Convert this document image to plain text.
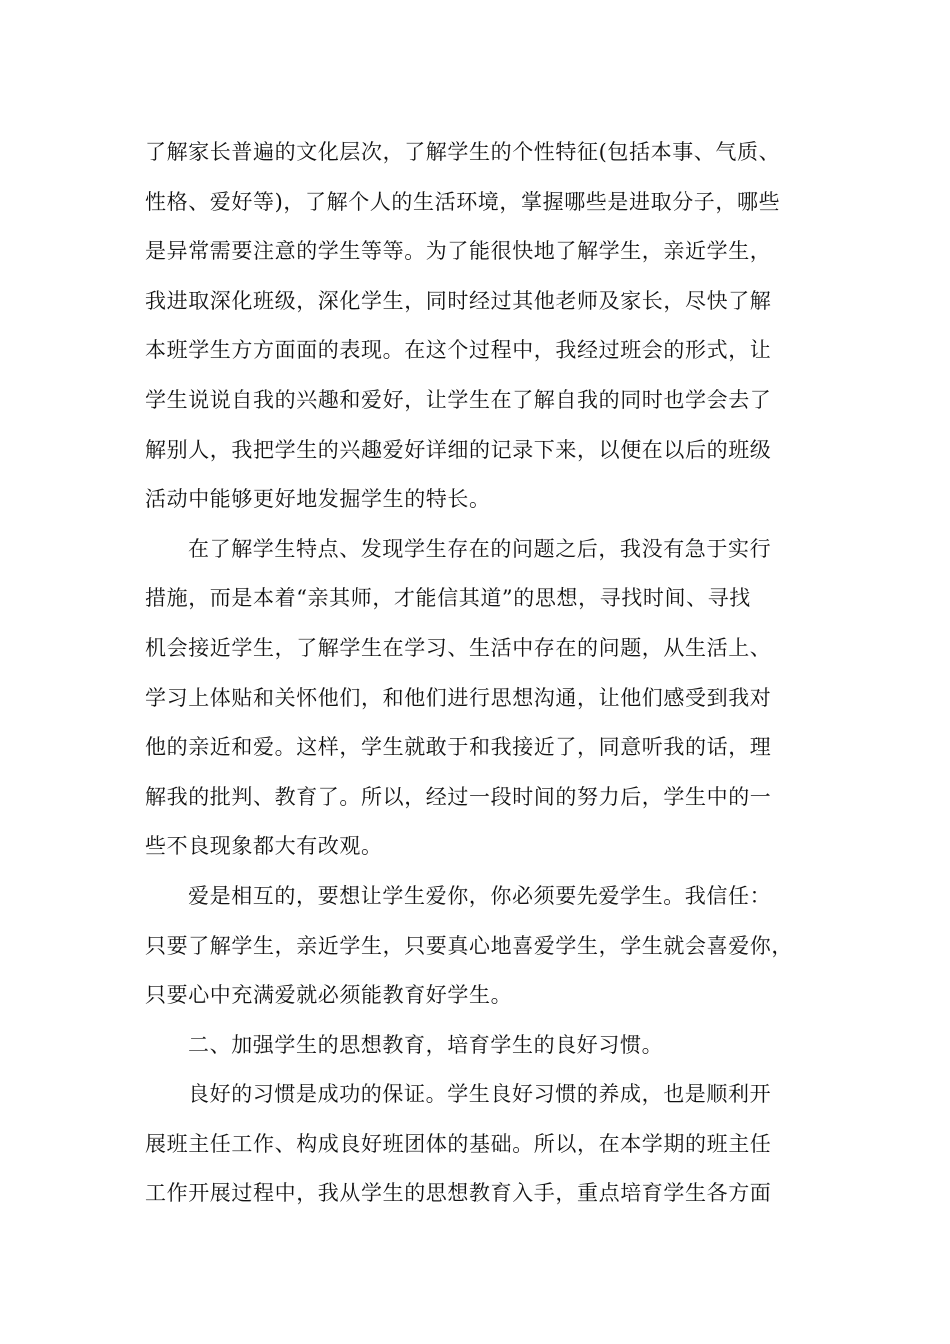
了解家长普遍的文化层次，了解学生的个性特征(包括本事、气质、
性格、爱好等)，了解个人的生活环境，掌握哪些是进取分子，哪些
是异常需要注意的学生等等。为了能很快地了解学生，亲近学生，
我进取深化班级，深化学生，同时经过其他老师及家长，尽快了解
本班学生方方面面的表现。在这个过程中，我经过班会的形式，让
学生说说自我的兴趣和爱好，让学生在了解自我的同时也学会去了
解别人，我把学生的兴趣爱好详细的记录下来，以便在以后的班级
活动中能够更好地发掘学生的特长。
在了解学生特点、发现学生存在的问题之后，我没有急于实行
措施，而是本着“亲其师，才能信其道”的思想，寻找时间、寻找
机会接近学生，了解学生在学习、生活中存在的问题，从生活上、
学习上体贴和关怀他们，和他们进行思想沟通，让他们感受到我对
他的亲近和爱。这样，学生就敢于和我接近了，同意听我的话，理
解我的批判、教育了。所以，经过一段时间的努力后，学生中的一
些不良现象都大有改观。
爱是相互的，要想让学生爱你，你必须要先爱学生。我信任：
只要了解学生，亲近学生，只要真心地喜爱学生，学生就会喜爱你，
只要心中充满爱就必须能教育好学生。
二、加强学生的思想教育，培育学生的良好习惯。
良好的习惯是成功的保证。学生良好习惯的养成，也是顺利开
展班主任工作、构成良好班团体的基础。所以，在本学期的班主任
工作开展过程中，我从学生的思想教育入手，重点培育学生各方面
